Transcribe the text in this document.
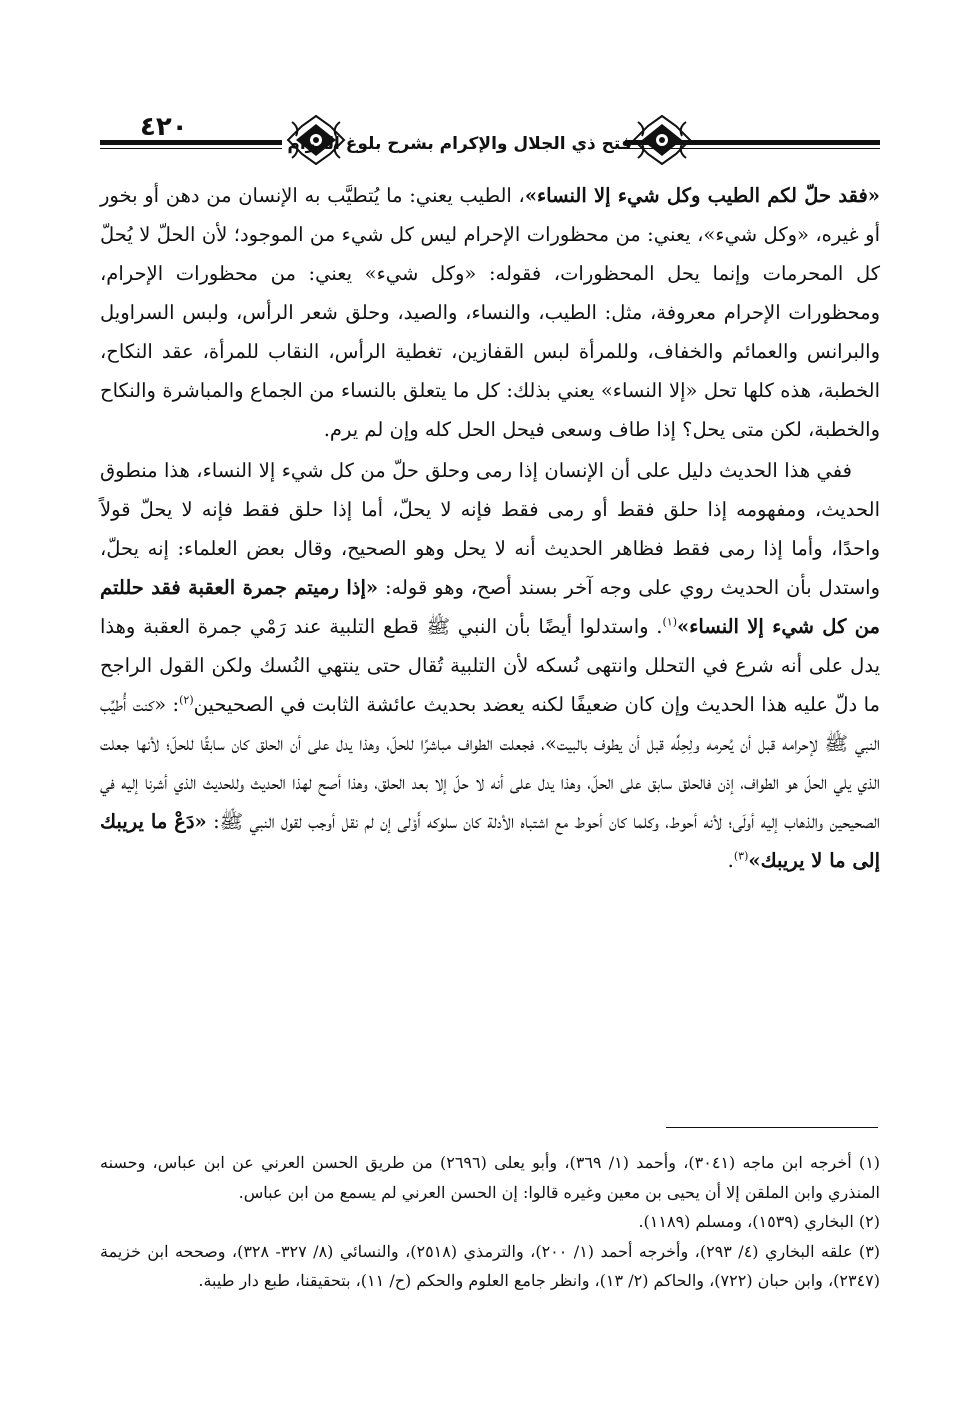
٤٢٠
فتح ذي الجلال والإكرام بشرح بلوغ المرام

«فقد حلّ لكم الطيب وكل شيء إلا النساء»، الطيب يعني: ما يُتطيَّب به الإنسان من دهن أو بخور أو غيره، «وكل شيء»، يعني: من محظورات الإحرام ليس كل شيء من الموجود؛ لأن الحلّ لا يُحلّ كل المحرمات وإنما يحل المحظورات، فقوله: «وكل شيء» يعني: من محظورات الإحرام، ومحظورات الإحرام معروفة، مثل: الطيب، والنساء، والصيد، وحلق شعر الرأس، ولبس السراويل والبرانس والعمائم والخفاف، وللمرأة لبس القفازين، تغطية الرأس، النقاب للمرأة، عقد النكاح، الخطبة، هذه كلها تحل «إلا النساء» يعني بذلك: كل ما يتعلق بالنساء من الجماع والمباشرة والنكاح والخطبة، لكن متى يحل؟ إذا طاف وسعى فيحل الحل كله وإن لم يرم.

ففي هذا الحديث دليل على أن الإنسان إذا رمى وحلق حلّ من كل شيء إلا النساء، هذا منطوق الحديث، ومفهومه إذا حلق فقط أو رمى فقط فإنه لا يحلّ، أما إذا حلق فقط فإنه لا يحلّ قولاً واحدًا، وأما إذا رمى فقط فظاهر الحديث أنه لا يحل وهو الصحيح، وقال بعض العلماء: إنه يحلّ، واستدل بأن الحديث روي على وجه آخر بسند أصح، وهو قوله: «إذا رميتم جمرة العقبة فقد حللتم من كل شيء إلا النساء»$^{(١)}$. واستدلوا أيضًا بأن النبي ﷺ قطع التلبية عند رَمْي جمرة العقبة وهذا يدل على أنه شرع في التحلل وانتهى نُسكه لأن التلبية تُقال حتى ينتهي النُسك ولكن القول الراجح ما دلّ عليه هذا الحديث وإن كان ضعيفًا لكنه يعضد بحديث عائشة الثابت في الصحيحين$^{(٢)}$: «كنت أُطيِّب النبي ﷺ لإحرامه قبل أن يُحرمه ولِحِلِّه قبل أن يطوف بالبيت»، فجعلت الطواف مباشرًا للحلّ، وهذا يدل على أن الحلق كان سابقًا للحلّ؛ لأنها جعلت الذي يلي الحلّ هو الطواف، إذن فالحلق سابق على الحلّ، وهذا يدل على أنه لا حلّ إلا بعد الحلق، وهذا أصح لهذا الحديث وللحديث الذي أشرنا إليه في الصحيحين والذهاب إليه أولَى؛ لأنه أحوط، وكلما كان أحوط مع اشتباه الأدلة كان سلوكه أَوْلى إن لم نقل أوجب لقول النبي ﷺ: «دَعْ ما يريبك إلى ما لا يريبك»$^{(٣)}$.

(١) أخرجه ابن ماجه (٣٠٤١)، وأحمد (١/ ٣٦٩)، وأبو يعلى (٢٦٩٦) من طريق الحسن العرني عن ابن عباس، وحسنه المنذري وابن الملقن إلا أن يحيى بن معين وغيره قالوا: إن الحسن العرني لم يسمع من ابن عباس.

(٢) البخاري (١٥٣٩)، ومسلم (١١٨٩).

(٣) علقه البخاري (٤/ ٢٩٣)، وأخرجه أحمد (١/ ٢٠٠)، والترمذي (٢٥١٨)، والنسائي (٨/ ٣٢٧- ٣٢٨)، وصححه ابن خزيمة (٢٣٤٧)، وابن حبان (٧٢٢)، والحاكم (٢/ ١٣)، وانظر جامع العلوم والحكم (ح/ ١١)، بتحقيقنا، طبع دار طيبة.
